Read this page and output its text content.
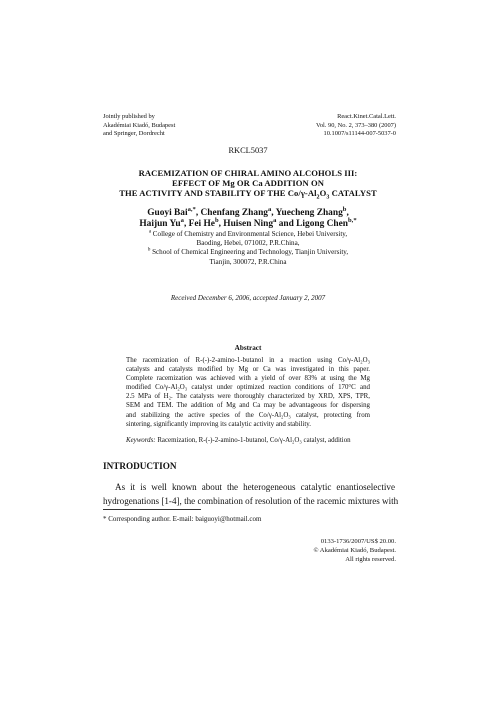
Jointly published by
Akadémiai Kiadó, Budapest
and Springer, Dordrecht
React.Kinet.Catal.Lett.
Vol. 90, No. 2, 373–380 (2007)
10.1007/s11144-007-5037-0
RKCL5037
RACEMIZATION OF CHIRAL AMINO ALCOHOLS III:
EFFECT OF Mg OR Ca ADDITION ON
THE ACTIVITY AND STABILITY OF THE $Co/\gamma-Al_2O_3$ CATALYST
Guoyi Bai$^{a,*}$, Chenfang Zhang$^a$, Yuecheng Zhang$^b$,
Haijun Yu$^a$, Fei He$^b$, Huisen Ning$^a$ and Ligong Chen$^{b,*}$
$^a$ College of Chemistry and Environmental Science, Hebei University,
Baoding, Hebei, 071002, P.R.China,
$^b$ School of Chemical Engineering and Technology, Tianjin University,
Tianjin, 300072, P.R.China
Received December 6, 2006, accepted January 2, 2007
Abstract
The racemization of R-(-)-2-amino-1-butanol in a reaction using Co/γ-Al₂O₃
catalysts and catalysts modified by Mg or Ca was investigated in this paper.
Complete racemization was achieved with a yield of over 83% at using the Mg
modified Co/γ-Al₂O₃ catalyst under optimized reaction conditions of 170°C and
2.5 MPa of H₂. The catalysts were thoroughly characterized by XRD, XPS, TPR,
SEM and TEM. The addition of Mg and Ca may be advantageous for dispersing
and stabilizing the active species of the Co/γ-Al₂O₃ catalyst, protecting from
sintering, significantly improving its catalytic activity and stability.
Keywords: Racemization, R-(-)-2-amino-1-butanol, Co/γ-Al₂O₃ catalyst, addition
INTRODUCTION
As it is well known about the heterogeneous catalytic enantioselective
hydrogenations [1-4], the combination of resolution of the racemic mixtures with
* Corresponding author. E-mail: baiguoyi@hotmail.com
0133-1736/2007/US$ 20.00.
© Akadémiai Kiadó, Budapest.
All rights reserved.
